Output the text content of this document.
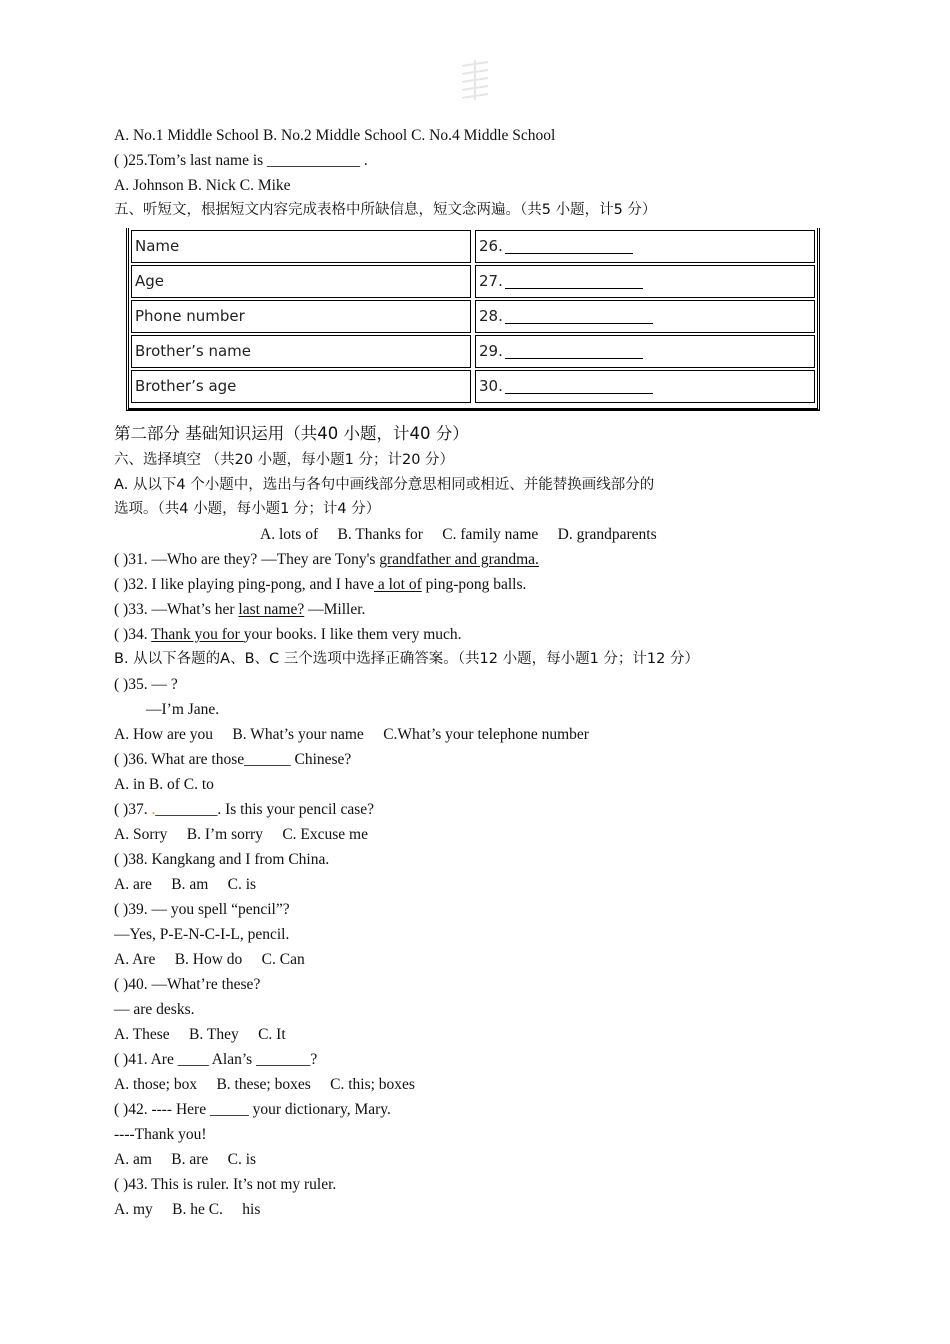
A. No.1 Middle School B. No.2 Middle School C. No.4 Middle School
( )25.Tom’s last name is ____________ .
A. Johnson B. Nick C. Mike
五、听短文，根据短文内容完成表格中所缺信息，短文念两遍。（共5 小题，计5 分）
Name	26.
Age	27.
Phone number	28.
Brother’s name	29.
Brother’s age	30.
第二部分 基础知识运用（共40 小题，计40 分）
六、选择填空 （共20 小题，每小题1 分；计20 分）
A. 从以下4 个小题中，选出与各句中画线部分意思相同或相近、并能替换画线部分的
选项。（共4 小题，每小题1 分；计4 分）
A. lots of     B. Thanks for     C. family name     D. grandparents
( )31. —Who are they? —They are Tony's grandfather and grandma.
( )32. I like playing ping-pong, and I have a lot of ping-pong balls.
( )33. —What’s her last name? —Miller.
( )34. Thank you for your books. I like them very much.
B. 从以下各题的A、B、C 三个选项中选择正确答案。（共12 小题，每小题1 分；计12 分）
( )35. — ?
—I’m Jane.
A. How are you     B. What’s your name     C.What’s your telephone number
( )36. What are those______ Chinese?
A. in B. of C. to
( )37. .________. Is this your pencil case?
A. Sorry     B. I’m sorry     C. Excuse me
( )38. Kangkang and I from China.
A. are     B. am     C. is
( )39. — you spell “pencil”?
—Yes, P-E-N-C-I-L, pencil.
A. Are     B. How do     C. Can
( )40. —What’re these?
— are desks.
A. These     B. They     C. It
( )41. Are ____ Alan’s _______?
A. those; box     B. these; boxes     C. this; boxes
( )42. ---- Here _____ your dictionary, Mary.
----Thank you!
A. am     B. are     C. is
( )43. This is ruler. It’s not my ruler.
A. my     B. he C.     his
